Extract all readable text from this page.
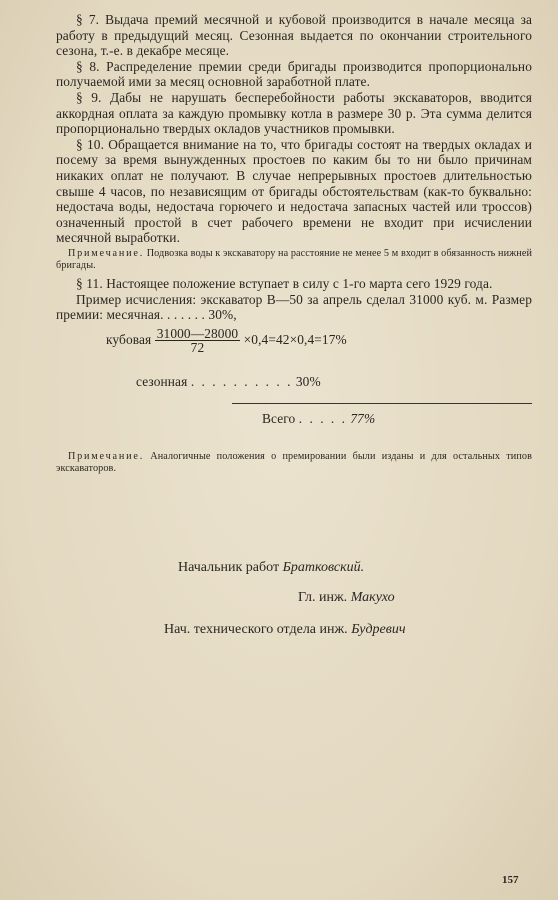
§ 7. Выдача премий месячной и кубовой производится в начале месяца за работу в предыдущий месяц. Сезонная выдается по окончании строительного сезона, т.-е. в декабре месяце.

§ 8. Распределение премии среди бригады производится пропорционально получаемой ими за месяц основной заработной плате.

§ 9. Дабы не нарушать бесперебойности работы экскаваторов, вводится аккордная оплата за каждую промывку котла в размере 30 р. Эта сумма делится пропорционально твердых окладов участников промывки.

§ 10. Обращается внимание на то, что бригады состоят на твердых окладах и посему за время вынужденных простоев по каким бы то ни было причинам никаких оплат не получают. В случае непрерывных простоев длительностью свыше 4 часов, по независящим от бригады обстоятельствам (как-то буквально: недостача воды, недостача горючего и недостача запасных частей или троссов) означенный простой в счет рабочего времени не входит при исчислении месячной выработки.

Примечание. Подвозка воды к экскаватору на расстояние не менее 5 м входит в обязанность нижней бригады.

§ 11. Настоящее положение вступает в силу с 1-го марта сего 1929 года.

Пример исчисления: экскаватор В—50 за апрель сделал 31000 куб. м. Размер премии: месячная. . . . . . . 30%,

кубовая $\frac{31000—28000}{72} \times 0,4=42\times 0,4=17\%$
сезонная . . . . . . . . . . 30%
Всего . . . . . 77%
Примечание. Аналогичные положения о премировании были изданы и для остальных типов экскаваторов.
Начальник работ Братковский.
Гл. инж. Макухо
Нач. технического отдела инж. Будревич
157
